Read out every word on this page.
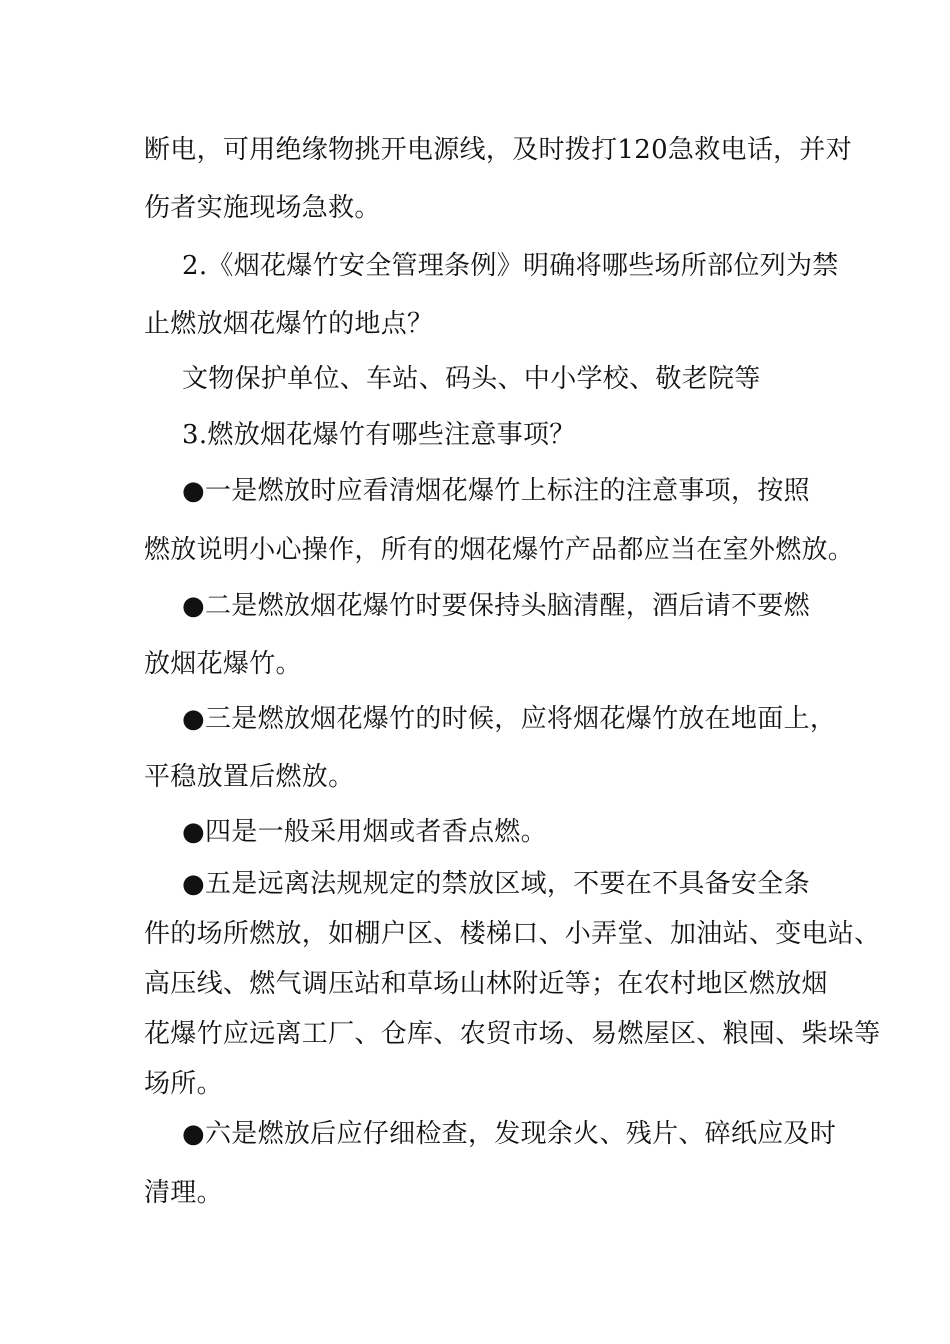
断电，可用绝缘物挑开电源线，及时拨打120急救电话，并对

伤者实施现场急救。

2.《烟花爆竹安全管理条例》明确将哪些场所部位列为禁

止燃放烟花爆竹的地点？

文物保护单位、车站、码头、中小学校、敬老院等

3.燃放烟花爆竹有哪些注意事项？

●一是燃放时应看清烟花爆竹上标注的注意事项，按照

燃放说明小心操作，所有的烟花爆竹产品都应当在室外燃放。

●二是燃放烟花爆竹时要保持头脑清醒，酒后请不要燃

放烟花爆竹。

●三是燃放烟花爆竹的时候，应将烟花爆竹放在地面上，

平稳放置后燃放。

●四是一般采用烟或者香点燃。

●五是远离法规规定的禁放区域，不要在不具备安全条

件的场所燃放，如棚户区、楼梯口、小弄堂、加油站、变电站、

高压线、燃气调压站和草场山林附近等；在农村地区燃放烟

花爆竹应远离工厂、仓库、农贸市场、易燃屋区、粮囤、柴垛等

场所。

●六是燃放后应仔细检查，发现余火、残片、碎纸应及时

清理。
